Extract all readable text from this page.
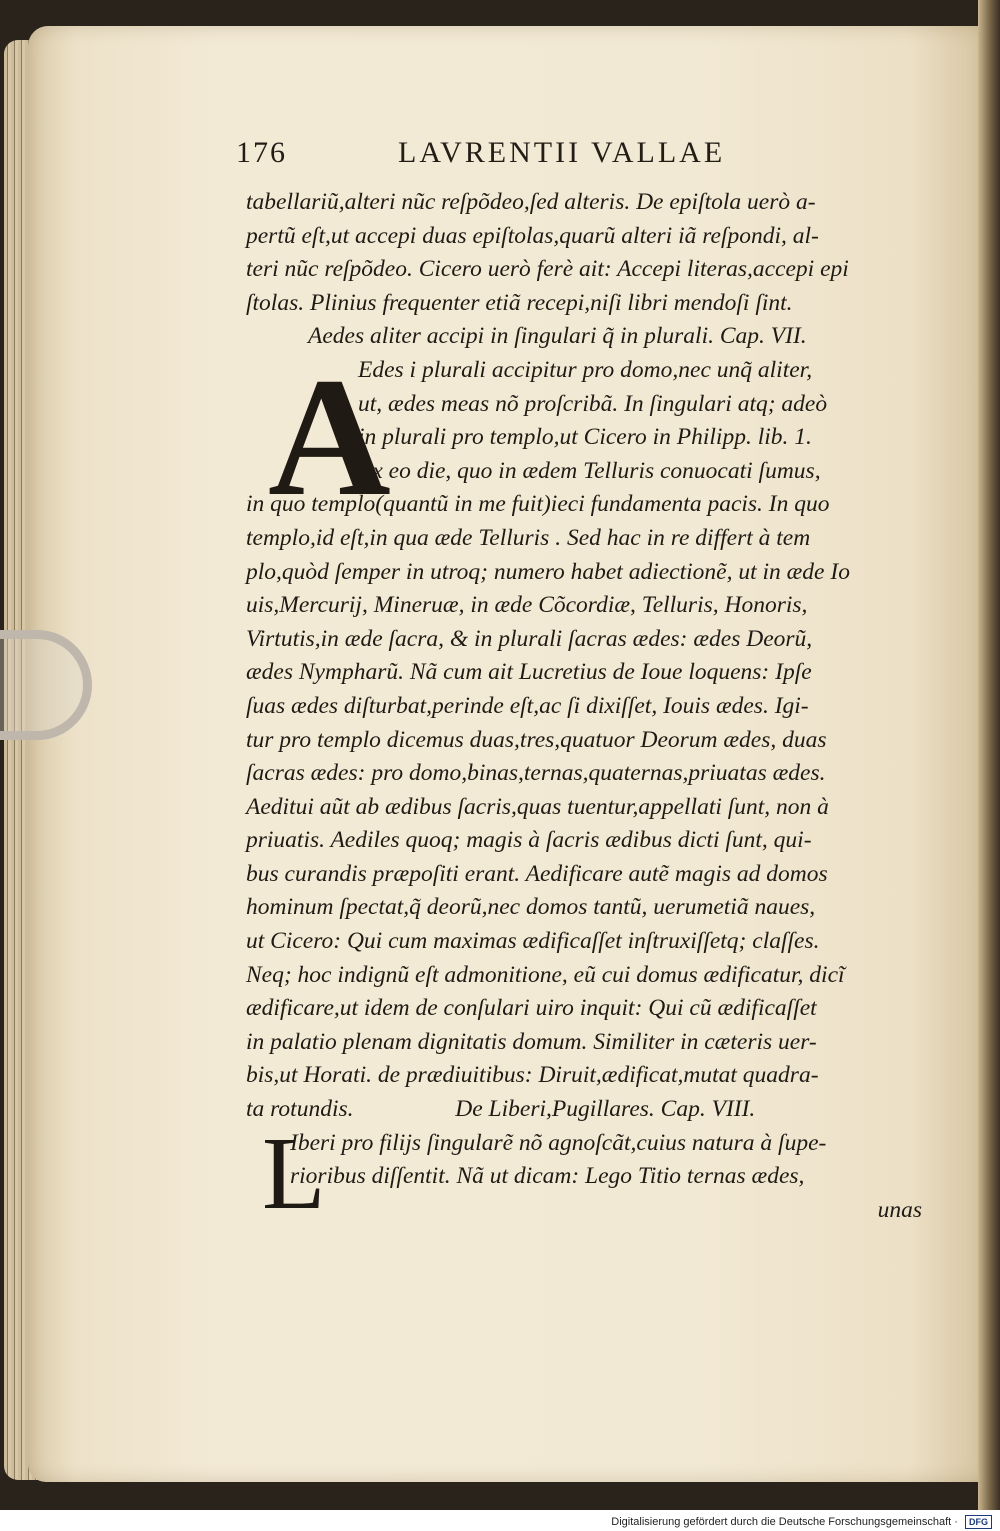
176	LAVRENTII VALLAE
A
L
tabellariũ,alteri nũc reſpõdeo,ſed alteris. De epiſtola uerò a-
pertũ eſt,ut accepi duas epiſtolas,quarũ alteri iã reſpondi, al-
teri nũc reſpõdeo. Cicero uerò ferè ait: Accepi literas,accepi epi
ſtolas. Plinius frequenter etiã recepi,niſi libri mendoſi ſint.
Aedes aliter accipi in ſingulari q̃ in plurali. Cap. VII.
Edes i plurali accipitur pro domo,nec unq̃ aliter,
ut, ædes meas nõ proſcribã. In ſingulari atq; adeò
in plurali pro templo,ut Cicero in Philipp. lib. 1.
Ex eo die, quo in ædem Telluris conuocati ſumus,
in quo templo(quantũ in me fuit)ieci fundamenta pacis. In quo
templo,id eſt,in qua æde Telluris . Sed hac in re differt à tem
plo,quòd ſemper in utroq; numero habet adiectionẽ, ut in æde Io
uis,Mercurij, Mineruæ, in æde Cõcordiæ, Telluris, Honoris,
Virtutis,in æde ſacra, & in plurali ſacras ædes: ædes Deorũ,
ædes Nympharũ. Nã cum ait Lucretius de Ioue loquens: Ipſe
ſuas ædes diſturbat,perinde eſt,ac ſi dixiſſet, Iouis ædes. Igi-
tur pro templo dicemus duas,tres,quatuor Deorum ædes, duas
ſacras ædes: pro domo,binas,ternas,quaternas,priuatas ædes.
Aeditui aũt ab ædibus ſacris,quas tuentur,appellati ſunt, non à
priuatis. Aediles quoq; magis à ſacris ædibus dicti ſunt, qui-
bus curandis præpoſiti erant. Aedificare autẽ magis ad domos
hominum ſpectat,q̃ deorũ,nec domos tantũ, uerumetiã naues,
ut Cicero: Qui cum maximas ædificaſſet inſtruxiſſetq; claſſes.
Neq; hoc indignũ eſt admonitione, eũ cui domus ædificatur, dicĩ
ædificare,ut idem de conſulari uiro inquit: Qui cũ ædificaſſet
in palatio plenam dignitatis domum. Similiter in cæteris uer-
bis,ut Horati. de prædiuitibus: Diruit,ædificat,mutat quadra-
ta rotundis.	De Liberi,Pugillares. Cap. VIII.
Iberi pro filijs ſingularẽ nõ agnoſcãt,cuius natura à ſupe-
rioribus diſſentit. Nã ut dicam: Lego Titio ternas ædes,
unas
Digitalisierung gefördert durch die Deutsche Forschungsgemeinschaft · DFG
